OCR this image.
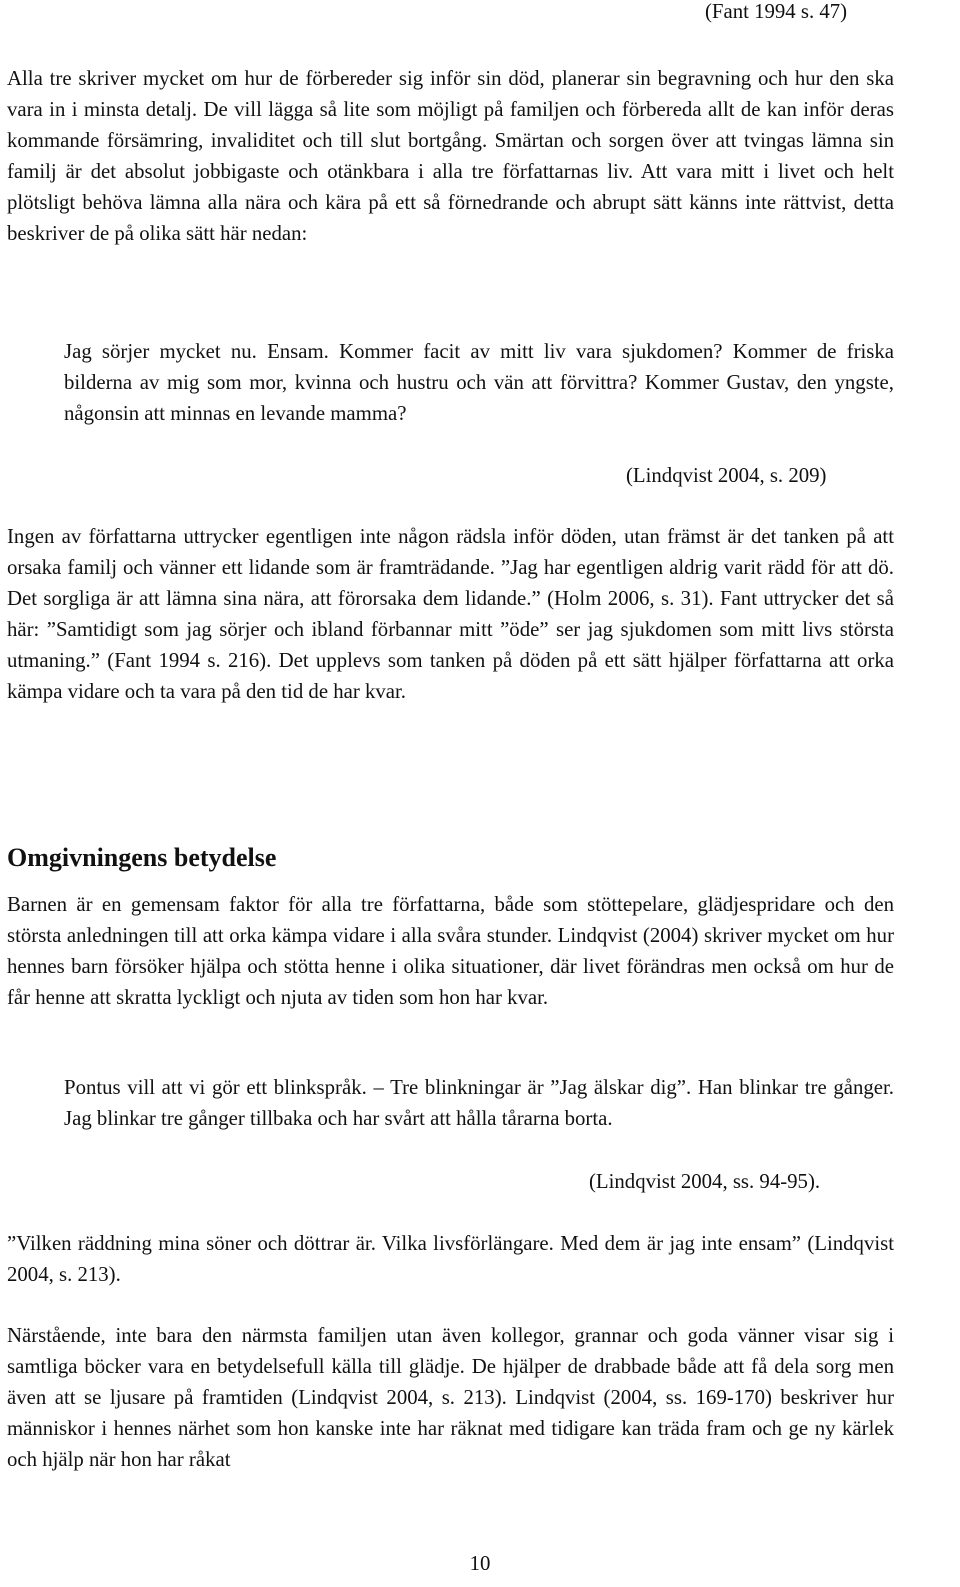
(Fant 1994 s. 47)

Alla tre skriver mycket om hur de förbereder sig inför sin död, planerar sin begravning och hur den ska vara in i minsta detalj. De vill lägga så lite som möjligt på familjen och förbereda allt de kan inför deras kommande försämring, invaliditet och till slut bortgång. Smärtan och sorgen över att tvingas lämna sin familj är det absolut jobbigaste och otänkbara i alla tre författarnas liv. Att vara mitt i livet och helt plötsligt behöva lämna alla nära och kära på ett så förnedrande och abrupt sätt känns inte rättvist, detta beskriver de på olika sätt här nedan:

Jag sörjer mycket nu. Ensam. Kommer facit av mitt liv vara sjukdomen? Kommer de friska bilderna av mig som mor, kvinna och hustru och vän att förvittra? Kommer Gustav, den yngste, någonsin att minnas en levande mamma?

(Lindqvist 2004, s. 209)

Ingen av författarna uttrycker egentligen inte någon rädsla inför döden, utan främst är det tanken på att orsaka familj och vänner ett lidande som är framträdande. ”Jag har egentligen aldrig varit rädd för att dö. Det sorgliga är att lämna sina nära, att förorsaka dem lidande.” (Holm 2006, s. 31). Fant uttrycker det så här: ”Samtidigt som jag sörjer och ibland förbannar mitt ”öde” ser jag sjukdomen som mitt livs största utmaning.” (Fant 1994 s. 216). Det upplevs som tanken på döden på ett sätt hjälper författarna att orka kämpa vidare och ta vara på den tid de har kvar.

Omgivningens betydelse

Barnen är en gemensam faktor för alla tre författarna, både som stöttepelare, glädjespridare och den största anledningen till att orka kämpa vidare i alla svåra stunder. Lindqvist (2004) skriver mycket om hur hennes barn försöker hjälpa och stötta henne i olika situationer, där livet förändras men också om hur de får henne att skratta lyckligt och njuta av tiden som hon har kvar.

Pontus vill att vi gör ett blinkspråk. – Tre blinkningar är ”Jag älskar dig”. Han blinkar tre gånger. Jag blinkar tre gånger tillbaka och har svårt att hålla tårarna borta.

(Lindqvist 2004, ss. 94-95).

”Vilken räddning mina söner och döttrar är. Vilka livsförlängare. Med dem är jag inte ensam” (Lindqvist 2004, s. 213).

Närstående, inte bara den närmsta familjen utan även kollegor, grannar och goda vänner visar sig i samtliga böcker vara en betydelsefull källa till glädje. De hjälper de drabbade både att få dela sorg men även att se ljusare på framtiden (Lindqvist 2004, s. 213). Lindqvist (2004, ss. 169-170) beskriver hur människor i hennes närhet som hon kanske inte har räknat med tidigare kan träda fram och ge ny kärlek och hjälp när hon har råkat

10
